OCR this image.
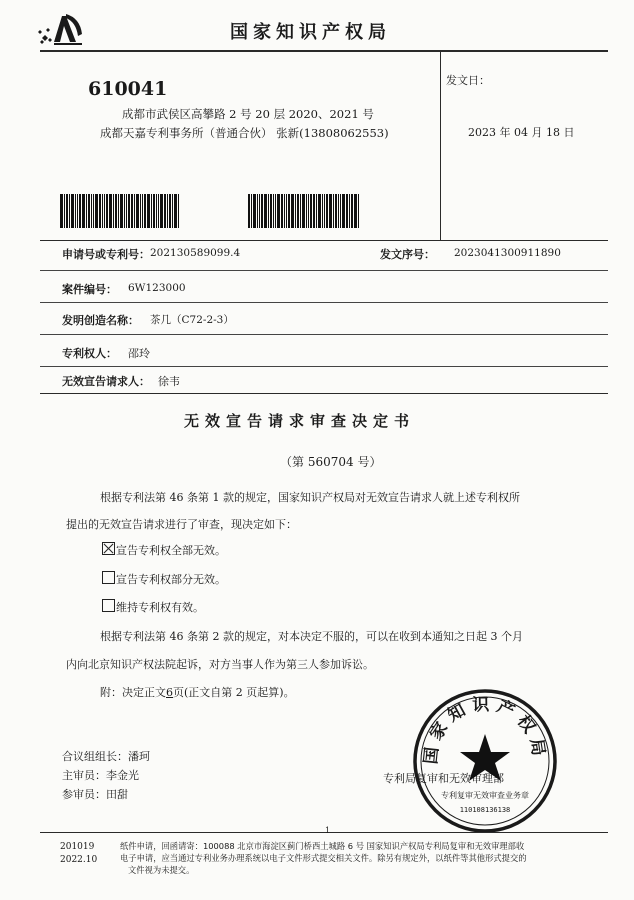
国家知识产权局
610041
成都市武侯区高攀路 2 号 20 层 2020、2021 号
成都天嘉专利事务所（普通合伙） 张新(13808062553)
发文日：
2023 年 04 月 18 日
申请号或专利号： 202130589099.4	发文序号： 2023041300911890
案件编号： 6W123000
发明创造名称： 茶几（C72-2-3）
专利权人： 邵玲
无效宣告请求人： 徐韦
无效宣告请求审查决定书
（第 560704 号）
根据专利法第 46 条第 1 款的规定，国家知识产权局对无效宣告请求人就上述专利权所
提出的无效宣告请求进行了审查，现决定如下：
宣告专利权全部无效。
宣告专利权部分无效。
维持专利权有效。
根据专利法第 46 条第 2 款的规定，对本决定不服的，可以在收到本通知之日起 3 个月
内向北京知识产权法院起诉，对方当事人作为第三人参加诉讼。
附：决定正文6页(正文自第 2 页起算)。
合议组组长：潘珂
主审员：李金光
参审员：田甜
专利局复审和无效审理部
国家知识产权局
专利复审无效审查业务章
110108136138
1
201019
2022.10
纸件申请，回函请寄：100088 北京市海淀区蓟门桥西土城路 6 号 国家知识产权局专利局复审和无效审理部收
电子申请，应当通过专利业务办理系统以电子文件形式提交相关文件。除另有规定外，以纸件等其他形式提交的
文件视为未提交。
